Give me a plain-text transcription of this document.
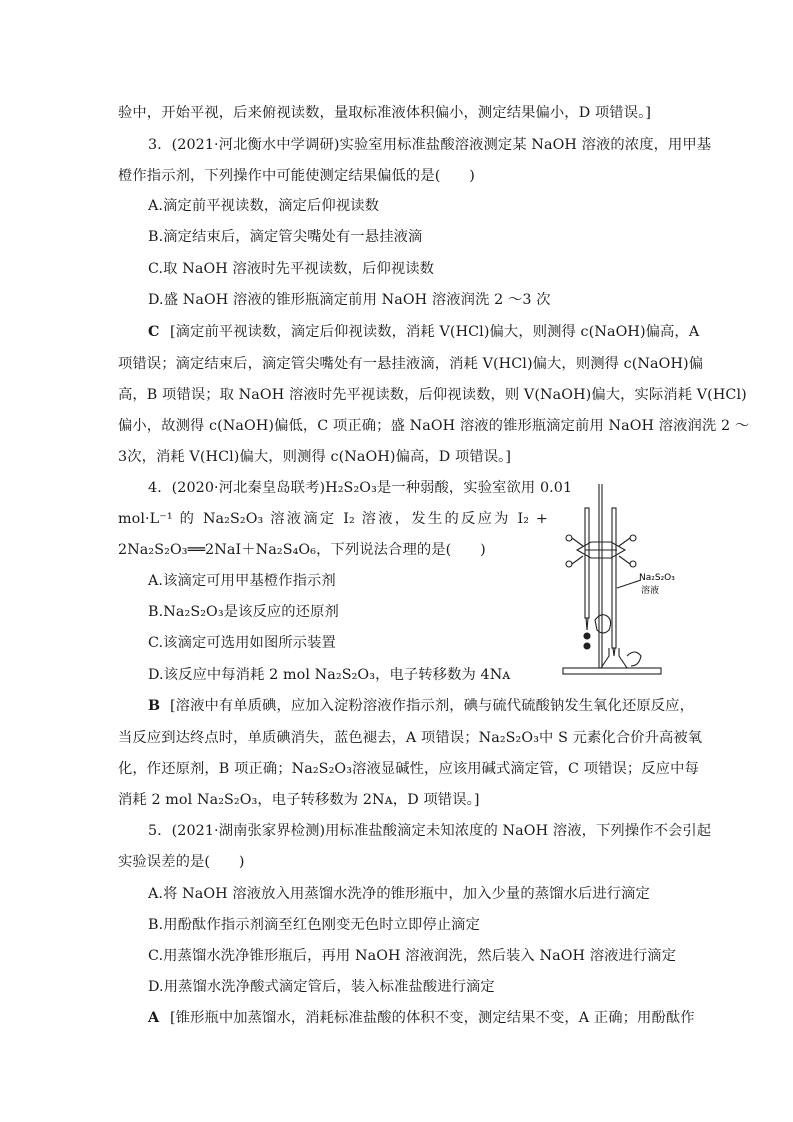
验中，开始平视，后来俯视读数，量取标准液体积偏小，测定结果偏小，D 项错误。]
3．(2021·河北衡水中学调研)实验室用标准盐酸溶液测定某 NaOH 溶液的浓度，用甲基
橙作指示剂，下列操作中可能使测定结果偏低的是(　　)
A.滴定前平视读数，滴定后仰视读数
B.滴定结束后，滴定管尖嘴处有一悬挂液滴
C.取 NaOH 溶液时先平视读数，后仰视读数
D.盛 NaOH 溶液的锥形瓶滴定前用 NaOH 溶液润洗 2 ～3 次
C [滴定前平视读数，滴定后仰视读数，消耗 V(HCl)偏大，则测得 c(NaOH)偏高，A
项错误；滴定结束后，滴定管尖嘴处有一悬挂液滴，消耗 V(HCl)偏大，则测得 c(NaOH)偏
高，B 项错误；取 NaOH 溶液时先平视读数，后仰视读数，则 V(NaOH)偏大，实际消耗 V(HCl)
偏小，故测得 c(NaOH)偏低，C 项正确；盛 NaOH 溶液的锥形瓶滴定前用 NaOH 溶液润洗 2 ～
3次，消耗 V(HCl)偏大，则测得 c(NaOH)偏高，D 项错误。]
4．(2020·河北秦皇岛联考)H₂S₂O₃是一种弱酸，实验室欲用 0.01
mol·L⁻¹ 的 Na₂S₂O₃ 溶液滴定 I₂ 溶液，发生的反应为 I₂ +
2Na₂S₂O₃══2NaI＋Na₂S₄O₆，下列说法合理的是(　　)
A.该滴定可用甲基橙作指示剂
B.Na₂S₂O₃是该反应的还原剂
C.该滴定可选用如图所示装置
D.该反应中每消耗 2 mol Na₂S₂O₃，电子转移数为 4Nᴀ
Na₂S₂O₃
溶液
B [溶液中有单质碘，应加入淀粉溶液作指示剂，碘与硫代硫酸钠发生氧化还原反应，
当反应到达终点时，单质碘消失，蓝色褪去，A 项错误；Na₂S₂O₃中 S 元素化合价升高被氧
化，作还原剂，B 项正确；Na₂S₂O₃溶液显碱性，应该用碱式滴定管，C 项错误；反应中每
消耗 2 mol Na₂S₂O₃，电子转移数为 2Nᴀ，D 项错误。]
5．(2021·湖南张家界检测)用标准盐酸滴定未知浓度的 NaOH 溶液，下列操作不会引起
实验误差的是(　　)
A.将 NaOH 溶液放入用蒸馏水洗净的锥形瓶中，加入少量的蒸馏水后进行滴定
B.用酚酞作指示剂滴至红色刚变无色时立即停止滴定
C.用蒸馏水洗净锥形瓶后，再用 NaOH 溶液润洗，然后装入 NaOH 溶液进行滴定
D.用蒸馏水洗净酸式滴定管后，装入标准盐酸进行滴定
A [锥形瓶中加蒸馏水，消耗标准盐酸的体积不变，测定结果不变，A 正确；用酚酞作
